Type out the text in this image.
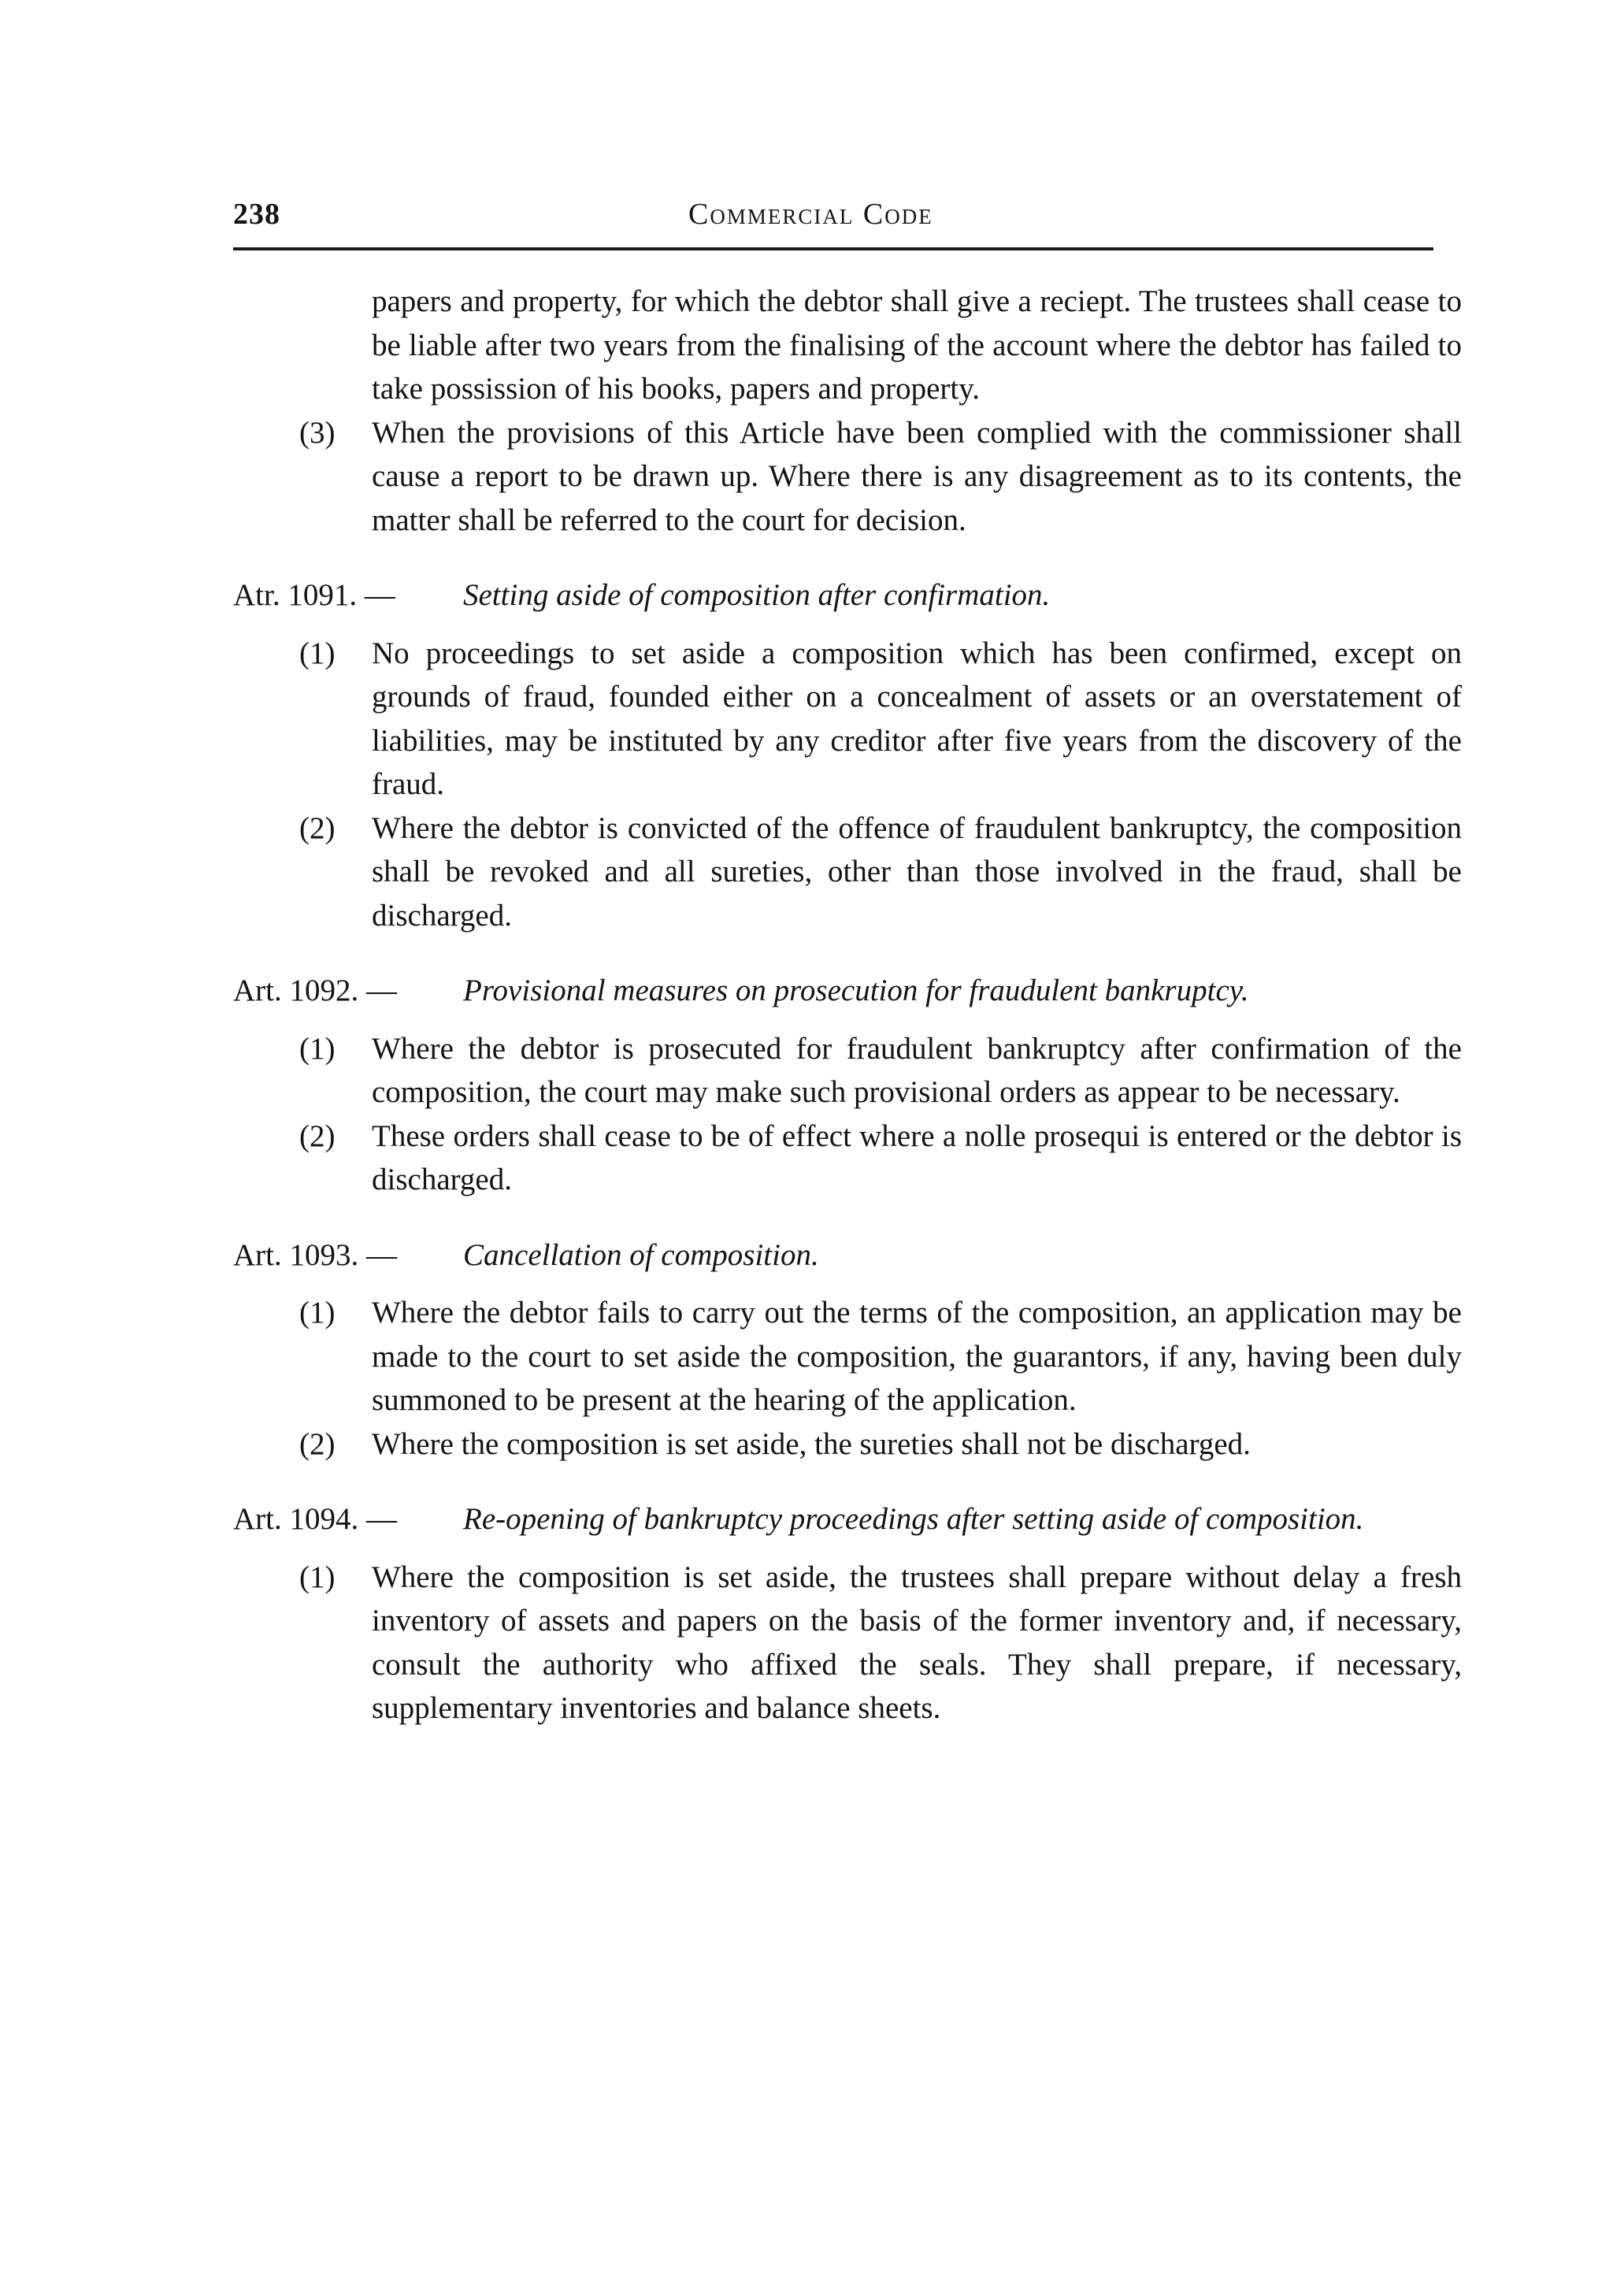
238	Commercial Code
papers and property, for which the debtor shall give a reciept. The trustees shall cease to be liable after two years from the finalising of the account where the debtor has failed to take possission of his books, papers and property.
(3)	When the provisions of this Article have been complied with the commissioner shall cause a report to be drawn up. Where there is any disagreement as to its contents, the matter shall be referred to the court for decision.
Atr. 1091. —	Setting aside of composition after confirmation.
(1)	No proceedings to set aside a composition which has been confirmed, except on grounds of fraud, founded either on a concealment of assets or an overstatement of liabilities, may be instituted by any creditor after five years from the discovery of the fraud.
(2)	Where the debtor is convicted of the offence of fraudulent bankruptcy, the composition shall be revoked and all sureties, other than those involved in the fraud, shall be discharged.
Art. 1092. —	Provisional measures on prosecution for fraudulent bankruptcy.
(1)	Where the debtor is prosecuted for fraudulent bankruptcy after confirmation of the composition, the court may make such provisional orders as appear to be necessary.
(2)	These orders shall cease to be of effect where a nolle prosequi is entered or the debtor is discharged.
Art. 1093. —	Cancellation of composition.
(1)	Where the debtor fails to carry out the terms of the composition, an application may be made to the court to set aside the composition, the guarantors, if any, having been duly summoned to be present at the hearing of the application.
(2)	Where the composition is set aside, the sureties shall not be discharged.
Art. 1094. —	Re-opening of bankruptcy proceedings after setting aside of composition.
(1)	Where the composition is set aside, the trustees shall prepare without delay a fresh inventory of assets and papers on the basis of the former inventory and, if necessary, consult the authority who affixed the seals. They shall prepare, if necessary, supplementary inventories and balance sheets.
